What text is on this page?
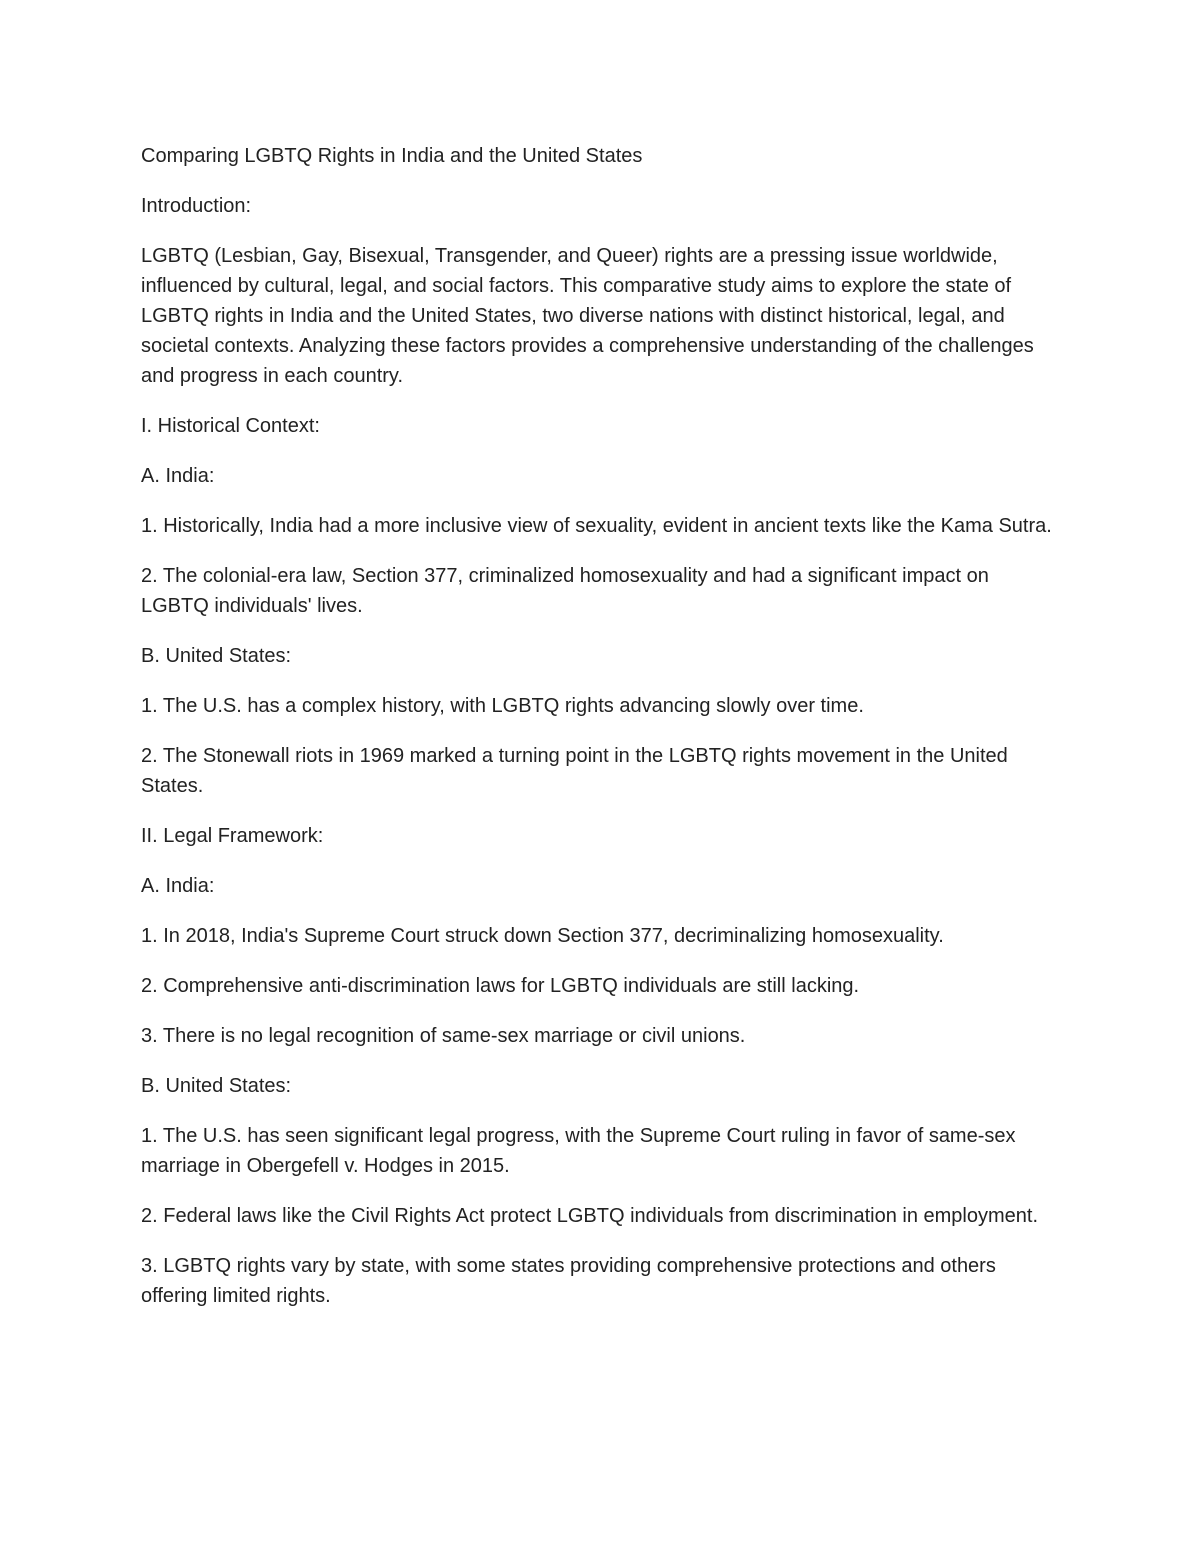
Comparing LGBTQ Rights in India and the United States

Introduction:

LGBTQ (Lesbian, Gay, Bisexual, Transgender, and Queer) rights are a pressing issue worldwide, influenced by cultural, legal, and social factors. This comparative study aims to explore the state of LGBTQ rights in India and the United States, two diverse nations with distinct historical, legal, and societal contexts. Analyzing these factors provides a comprehensive understanding of the challenges and progress in each country.

I. Historical Context:

A. India:

1. Historically, India had a more inclusive view of sexuality, evident in ancient texts like the Kama Sutra.

2. The colonial-era law, Section 377, criminalized homosexuality and had a significant impact on LGBTQ individuals' lives.

B. United States:

1. The U.S. has a complex history, with LGBTQ rights advancing slowly over time.

2. The Stonewall riots in 1969 marked a turning point in the LGBTQ rights movement in the United States.

II. Legal Framework:

A. India:

1. In 2018, India's Supreme Court struck down Section 377, decriminalizing homosexuality.

2. Comprehensive anti-discrimination laws for LGBTQ individuals are still lacking.

3. There is no legal recognition of same-sex marriage or civil unions.

B. United States:

1. The U.S. has seen significant legal progress, with the Supreme Court ruling in favor of same-sex marriage in Obergefell v. Hodges in 2015.

2. Federal laws like the Civil Rights Act protect LGBTQ individuals from discrimination in employment.

3. LGBTQ rights vary by state, with some states providing comprehensive protections and others offering limited rights.
